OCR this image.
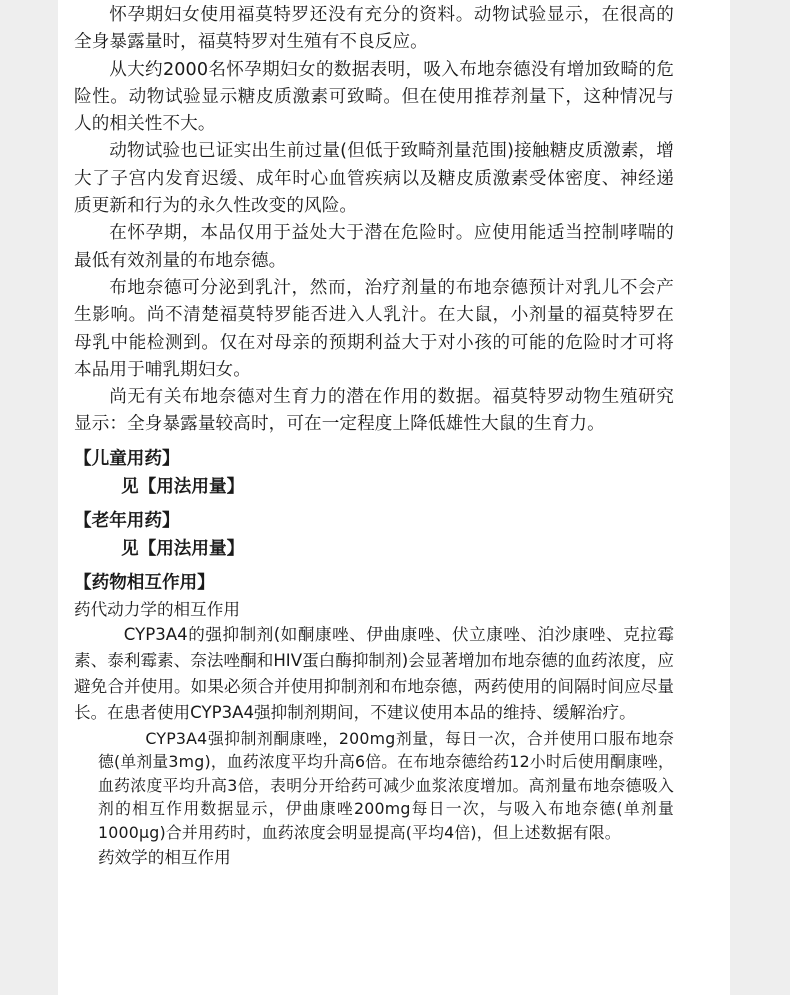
怀孕期妇女使用福莫特罗还没有充分的资料。动物试验显示，在很高的全身暴露量时，福莫特罗对生殖有不良反应。

从大约2000名怀孕期妇女的数据表明，吸入布地奈德没有增加致畸的危险性。动物试验显示糖皮质激素可致畸。但在使用推荐剂量下，这种情况与人的相关性不大。

动物试验也已证实出生前过量(但低于致畸剂量范围)接触糖皮质激素，增大了子宫内发育迟缓、成年时心血管疾病以及糖皮质激素受体密度、神经递质更新和行为的永久性改变的风险。

在怀孕期，本品仅用于益处大于潜在危险时。应使用能适当控制哮喘的最低有效剂量的布地奈德。

布地奈德可分泌到乳汁，然而，治疗剂量的布地奈德预计对乳儿不会产生影响。尚不清楚福莫特罗能否进入人乳汁。在大鼠，小剂量的福莫特罗在母乳中能检测到。仅在对母亲的预期利益大于对小孩的可能的危险时才可将本品用于哺乳期妇女。

尚无有关布地奈德对生育力的潜在作用的数据。福莫特罗动物生殖研究显示：全身暴露量较高时，可在一定程度上降低雄性大鼠的生育力。

【儿童用药】

见【用法用量】

【老年用药】

见【用法用量】

【药物相互作用】

药代动力学的相互作用

CYP3A4的强抑制剂(如酮康唑、伊曲康唑、伏立康唑、泊沙康唑、克拉霉素、泰利霉素、奈法唑酮和HIV蛋白酶抑制剂)会显著增加布地奈德的血药浓度，应避免合并使用。如果必须合并使用抑制剂和布地奈德，两药使用的间隔时间应尽量长。在患者使用CYP3A4强抑制剂期间，不建议使用本品的维持、缓解治疗。

CYP3A4强抑制剂酮康唑，200mg剂量，每日一次，合并使用口服布地奈德(单剂量3mg)，血药浓度平均升高6倍。在布地奈德给药12小时后使用酮康唑，血药浓度平均升高3倍，表明分开给药可减少血浆浓度增加。高剂量布地奈德吸入剂的相互作用数据显示，伊曲康唑200mg每日一次，与吸入布地奈德(单剂量1000μg)合并用药时，血药浓度会明显提高(平均4倍)，但上述数据有限。

药效学的相互作用
